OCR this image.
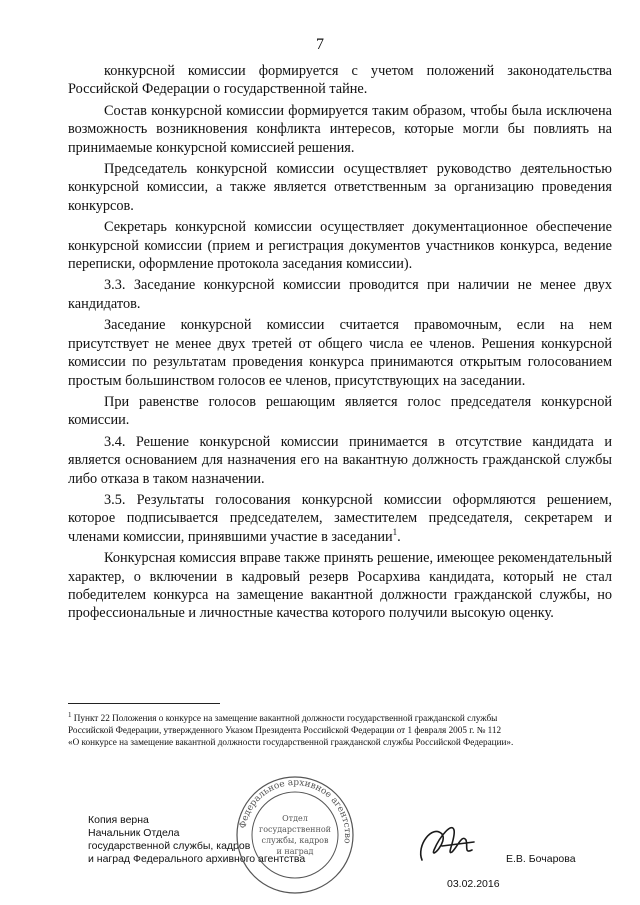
7

конкурсной комиссии формируется с учетом положений законодательства Российской Федерации о государственной тайне.

Состав конкурсной комиссии формируется таким образом, чтобы была исключена возможность возникновения конфликта интересов, которые могли бы повлиять на принимаемые конкурсной комиссией решения.

Председатель конкурсной комиссии осуществляет руководство деятельностью конкурсной комиссии, а также является ответственным за организацию проведения конкурсов.

Секретарь конкурсной комиссии осуществляет документационное обеспечение конкурсной комиссии (прием и регистрация документов участников конкурса, ведение переписки, оформление протокола заседания комиссии).

3.3. Заседание конкурсной комиссии проводится при наличии не менее двух кандидатов.

Заседание конкурсной комиссии считается правомочным, если на нем присутствует не менее двух третей от общего числа ее членов. Решения конкурсной комиссии по результатам проведения конкурса принимаются открытым голосованием простым большинством голосов ее членов, присутствующих на заседании.

При равенстве голосов решающим является голос председателя конкурсной комиссии.

3.4. Решение конкурсной комиссии принимается в отсутствие кандидата и является основанием для назначения его на вакантную должность гражданской службы либо отказа в таком назначении.

3.5. Результаты голосования конкурсной комиссии оформляются решением, которое подписывается председателем, заместителем председателя, секретарем и членами комиссии, принявшими участие в заседании$^1$.

Конкурсная комиссия вправе также принять решение, имеющее рекомендательный характер, о включении в кадровый резерв Росархива кандидата, который не стал победителем конкурса на замещение вакантной должности гражданской службы, но профессиональные и личностные качества которого получили высокую оценку.

$^1$ Пункт 22 Положения о конкурсе на замещение вакантной должности государственной гражданской службы
Российской Федерации, утвержденного Указом Президента Российской Федерации от 1 февраля 2005 г. № 112
«О конкурсе на замещение вакантной должности государственной гражданской службы Российской Федерации».
Копия верна
Начальник Отдела
государственной службы, кадров
и наград Федерального архивного агентства
Федеральное архивное агентство
Отдел
государственной
службы, кадров
и наград
03.02.2016
Е.В. Бочарова
